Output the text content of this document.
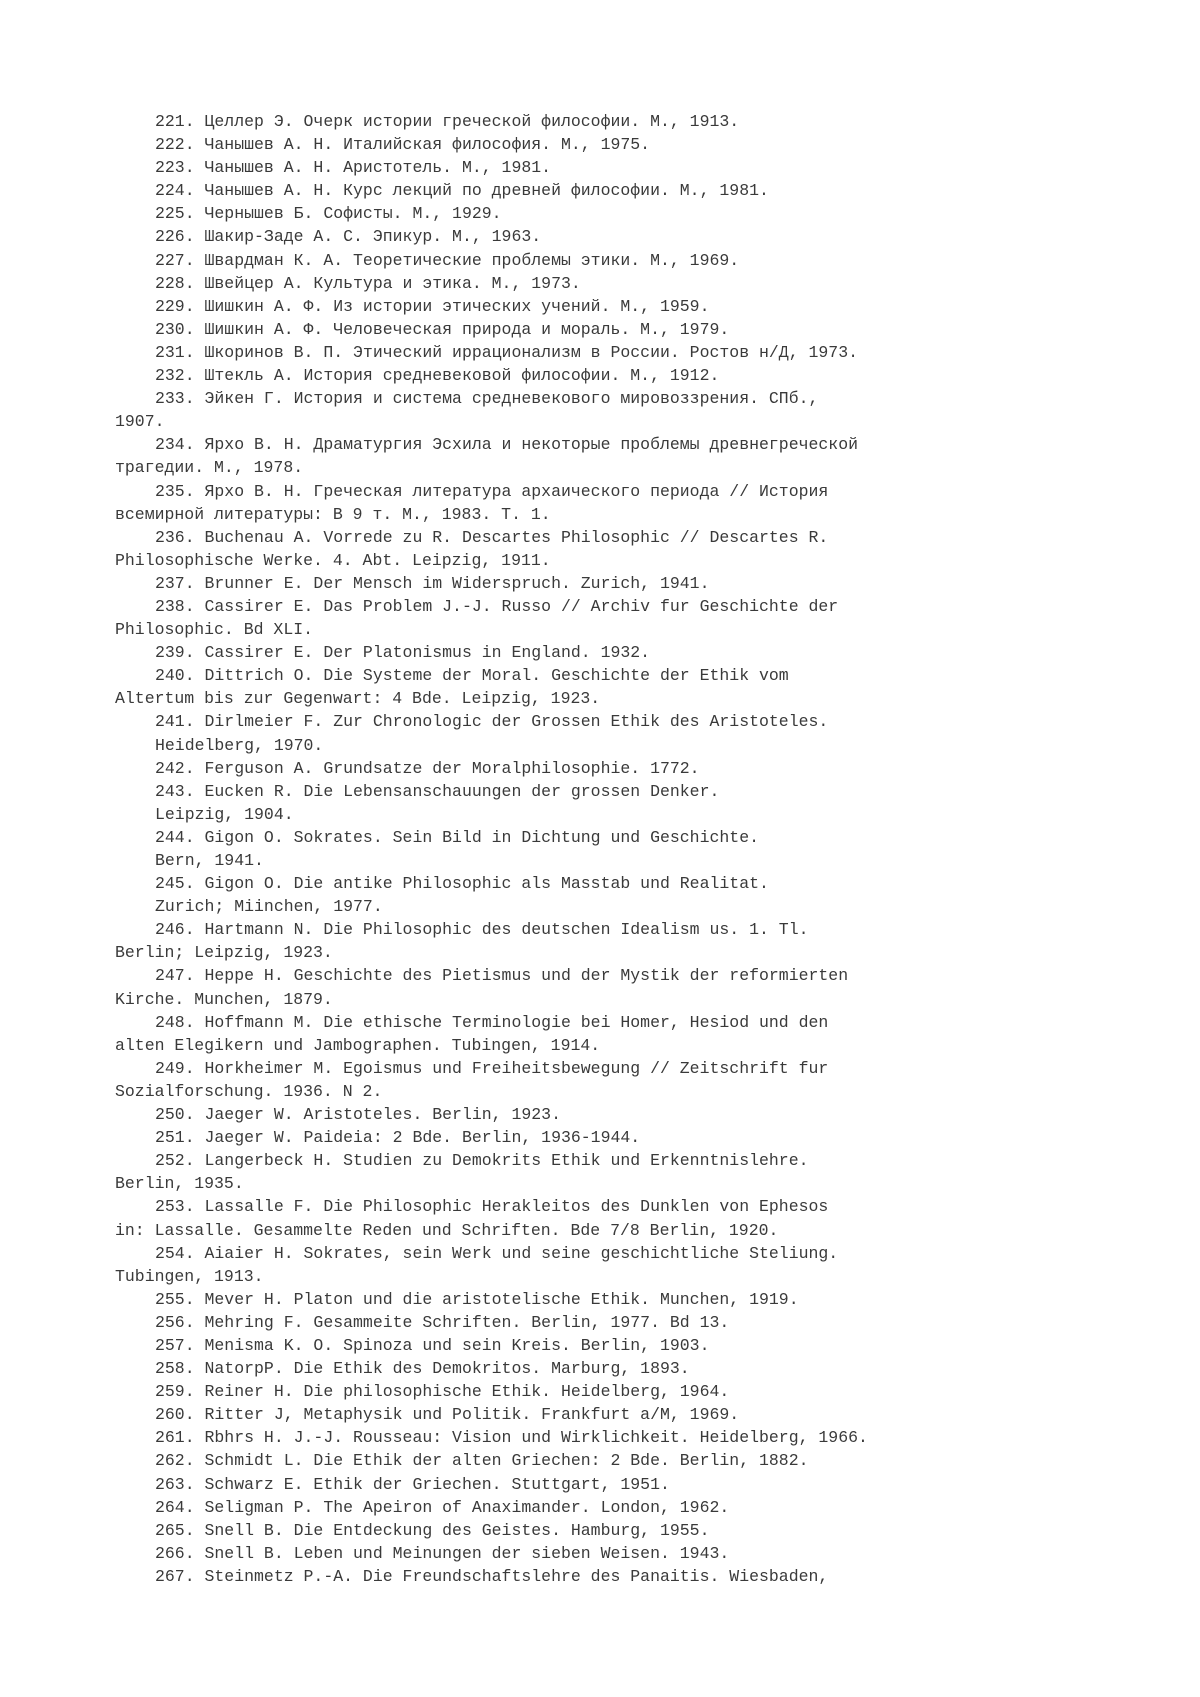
221. Целлер Э. Очерк истории греческой философии. М., 1913.
222. Чанышев А. Н. Италийская философия. М., 1975.
223. Чанышев А. Н. Аристотель. М., 1981.
224. Чанышев А. Н. Курс лекций по древней философии. М., 1981.
225. Чернышев Б. Софисты. М., 1929.
226. Шакир-Заде А. С. Эпикур. М., 1963.
227. Швардман К. А. Теоретические проблемы этики. М., 1969.
228. Швейцер А. Культура и этика. М., 1973.
229. Шишкин А. Ф. Из истории этических учений. М., 1959.
230. Шишкин А. Ф. Человеческая природа и мораль. М., 1979.
231. Шкоринов В. П. Этический иррационализм в России. Ростов н/Д, 1973.
232. Штекль А. История средневековой философии. М., 1912.
233. Эйкен Г. История и система средневекового мировоззрения. СПб.,
1907.
234. Ярхо В. Н. Драматургия Эсхила и некоторые проблемы древнегреческой
трагедии. М., 1978.
235. Ярхо В. Н. Греческая литература архаического периода // История
всемирной литературы: В 9 т. М., 1983. Т. 1.
236. Buchenau A. Vorrede zu R. Descartes Philosophic // Descartes R.
Philosophische Werke. 4. Abt. Leipzig, 1911.
237. Brunner E. Der Mensch im Widerspruch. Zurich, 1941.
238. Cassirer E. Das Problem J.-J. Russo // Archiv fur Geschichte der
Philosophic. Bd XLI.
239. Cassirer E. Der Platonismus in England. 1932.
240. Dittrich O. Die Systeme der Moral. Geschichte der Ethik vom
Altertum bis zur Gegenwart: 4 Bde. Leipzig, 1923.
241. Dirlmeier F. Zur Chronologic der Grossen Ethik des Aristoteles.
Heidelberg, 1970.
242. Ferguson A. Grundsatze der Moralphilosophie. 1772.
243. Eucken R. Die Lebensanschauungen der grossen Denker.
Leipzig, 1904.
244. Gigon O. Sokrates. Sein Bild in Dichtung und Geschichte.
Bern, 1941.
245. Gigon O. Die antike Philosophic als Masstab und Realitat.
Zurich; Miinchen, 1977.
246. Hartmann N. Die Philosophic des deutschen Idealism us. 1. Tl.
Berlin; Leipzig, 1923.
247. Heppe H. Geschichte des Pietismus und der Mystik der reformierten
Kirche. Munchen, 1879.
248. Hoffmann M. Die ethische Terminologie bei Homer, Hesiod und den
alten Elegikern und Jambographen. Tubingen, 1914.
249. Horkheimer M. Egoismus und Freiheitsbewegung // Zeitschrift fur
Sozialforschung. 1936. N 2.
250. Jaeger W. Aristoteles. Berlin, 1923.
251. Jaeger W. Paideia: 2 Bde. Berlin, 1936-1944.
252. Langerbeck H. Studien zu Demokrits Ethik und Erkenntnislehre.
Berlin, 1935.
253. Lassalle F. Die Philosophic Herakleitos des Dunklen von Ephesos
in: Lassalle. Gesammelte Reden und Schriften. Bde 7/8 Berlin, 1920.
254. Aiaier H. Sokrates, sein Werk und seine geschichtliche Steliung.
Tubingen, 1913.
255. Mever H. Platon und die aristotelische Ethik. Munchen, 1919.
256. Mehring F. Gesammeite Schriften. Berlin, 1977. Bd 13.
257. Menisma K. O. Spinoza und sein Kreis. Berlin, 1903.
258. NatorpP. Die Ethik des Demokritos. Marburg, 1893.
259. Reiner H. Die philosophische Ethik. Heidelberg, 1964.
260. Ritter J, Metaphysik und Politik. Frankfurt a/M, 1969.
261. Rbhrs H. J.-J. Rousseau: Vision und Wirklichkeit. Heidelberg, 1966.
262. Schmidt L. Die Ethik der alten Griechen: 2 Bde. Berlin, 1882.
263. Schwarz E. Ethik der Griechen. Stuttgart, 1951.
264. Seligman P. The Apeiron of Anaximander. London, 1962.
265. Snell B. Die Entdeckung des Geistes. Hamburg, 1955.
266. Snell B. Leben und Meinungen der sieben Weisen. 1943.
267. Steinmetz P.-A. Die Freundschaftslehre des Panaitis. Wiesbaden,
